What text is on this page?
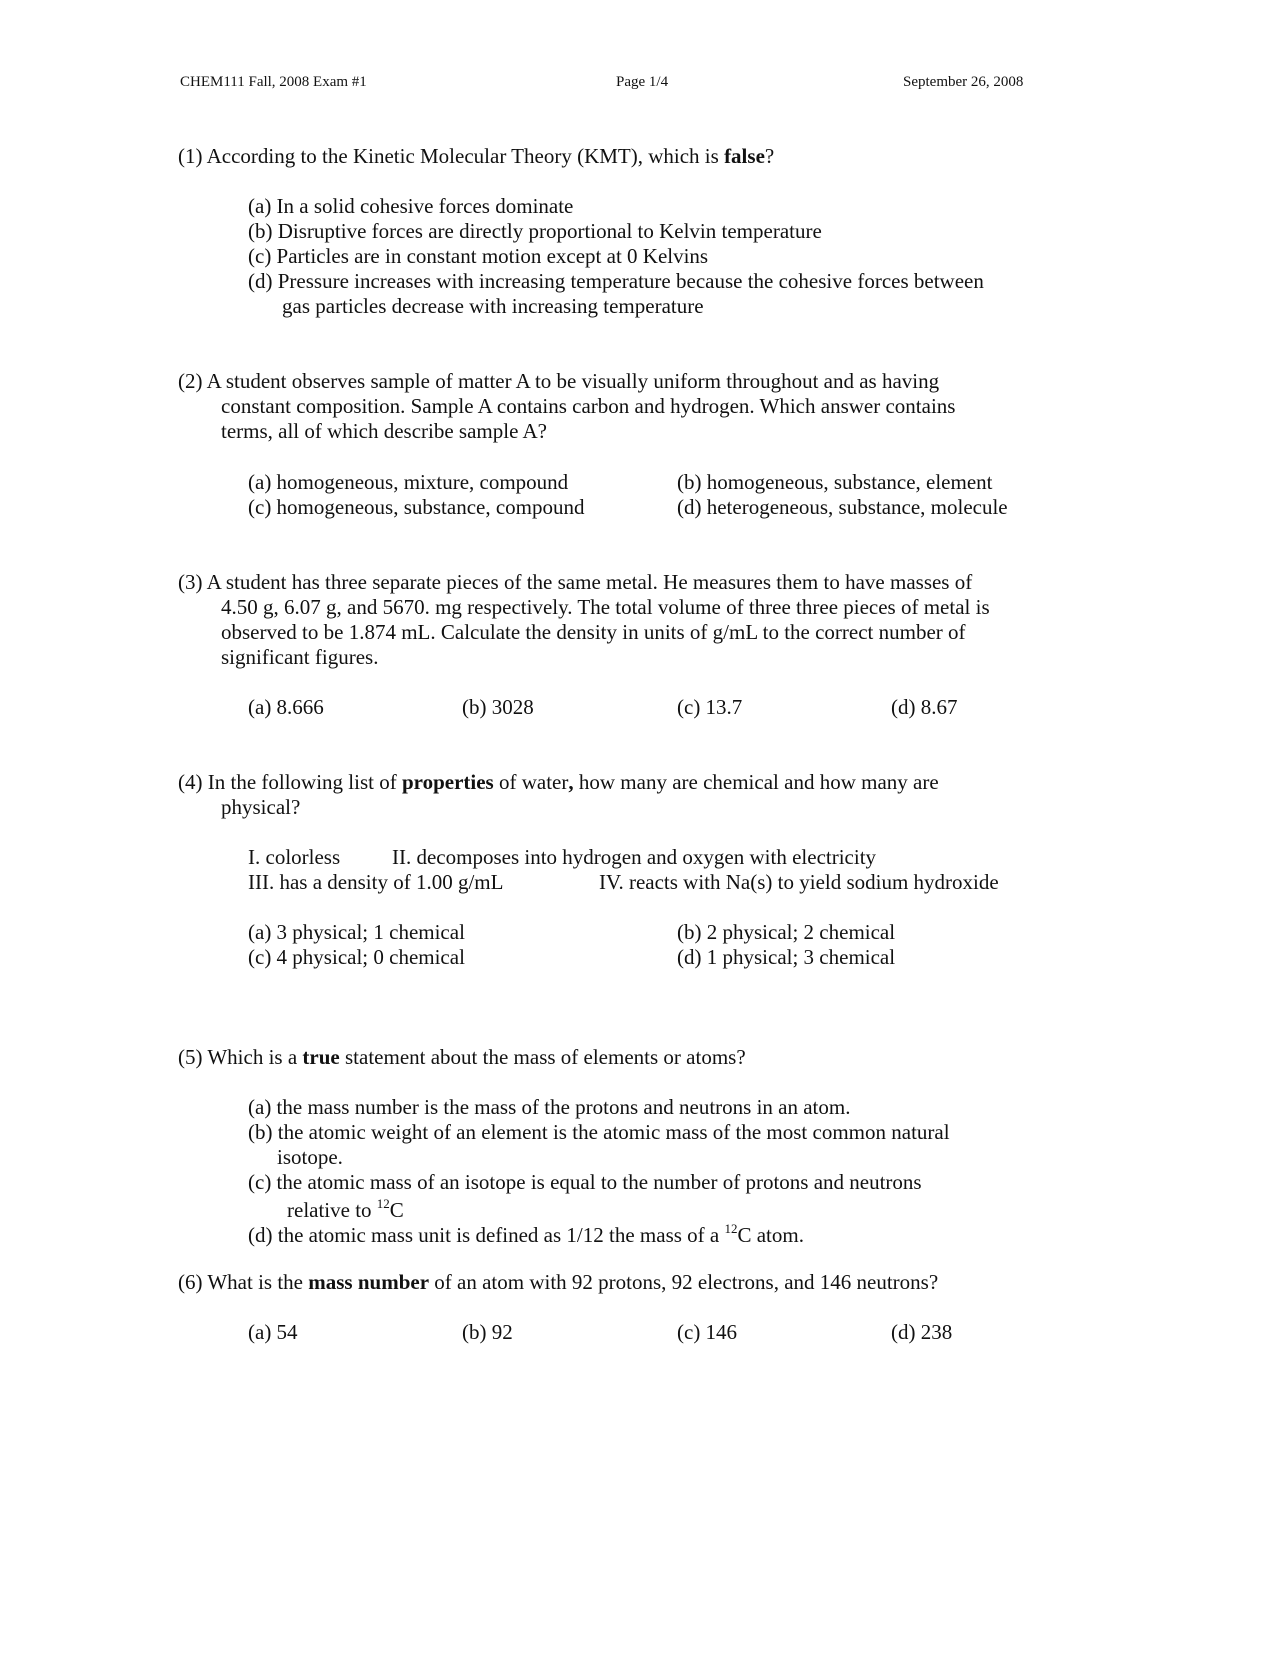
CHEM111 Fall, 2008 Exam #1	Page 1/4	September 26, 2008
(1) According to the Kinetic Molecular Theory (KMT), which is false?
(a) In a solid cohesive forces dominate
(b) Disruptive forces are directly proportional to Kelvin temperature
(c) Particles are in constant motion except at 0 Kelvins
(d) Pressure increases with increasing temperature because the cohesive forces between
gas particles decrease with increasing temperature
(2) A student observes sample of matter A to be visually uniform throughout and as having
constant composition. Sample A contains carbon and hydrogen. Which answer contains
terms, all of which describe sample A?
(a) homogeneous, mixture, compound	(b) homogeneous, substance, element
(c) homogeneous, substance, compound	(d) heterogeneous, substance, molecule
(3) A student has three separate pieces of the same metal. He measures them to have masses of
4.50 g, 6.07 g, and 5670. mg respectively. The total volume of three three pieces of metal is
observed to be 1.874 mL. Calculate the density in units of g/mL to the correct number of
significant figures.
(a) 8.666	(b) 3028	(c) 13.7	(d) 8.67
(4) In the following list of properties of water, how many are chemical and how many are
physical?
I. colorless II. decomposes into hydrogen and oxygen with electricity
III. has a density of 1.00 g/mL	IV. reacts with Na(s) to yield sodium hydroxide
(a) 3 physical; 1 chemical	(b) 2 physical; 2 chemical
(c) 4 physical; 0 chemical	(d) 1 physical; 3 chemical
(5) Which is a true statement about the mass of elements or atoms?
(a) the mass number is the mass of the protons and neutrons in an atom.
(b) the atomic weight of an element is the atomic mass of the most common natural
isotope.
(c) the atomic mass of an isotope is equal to the number of protons and neutrons
relative to $^{12}$C
(d) the atomic mass unit is defined as 1/12 the mass of a $^{12}$C atom.
(6) What is the mass number of an atom with 92 protons, 92 electrons, and 146 neutrons?
(a) 54	(b) 92	(c) 146	(d) 238
